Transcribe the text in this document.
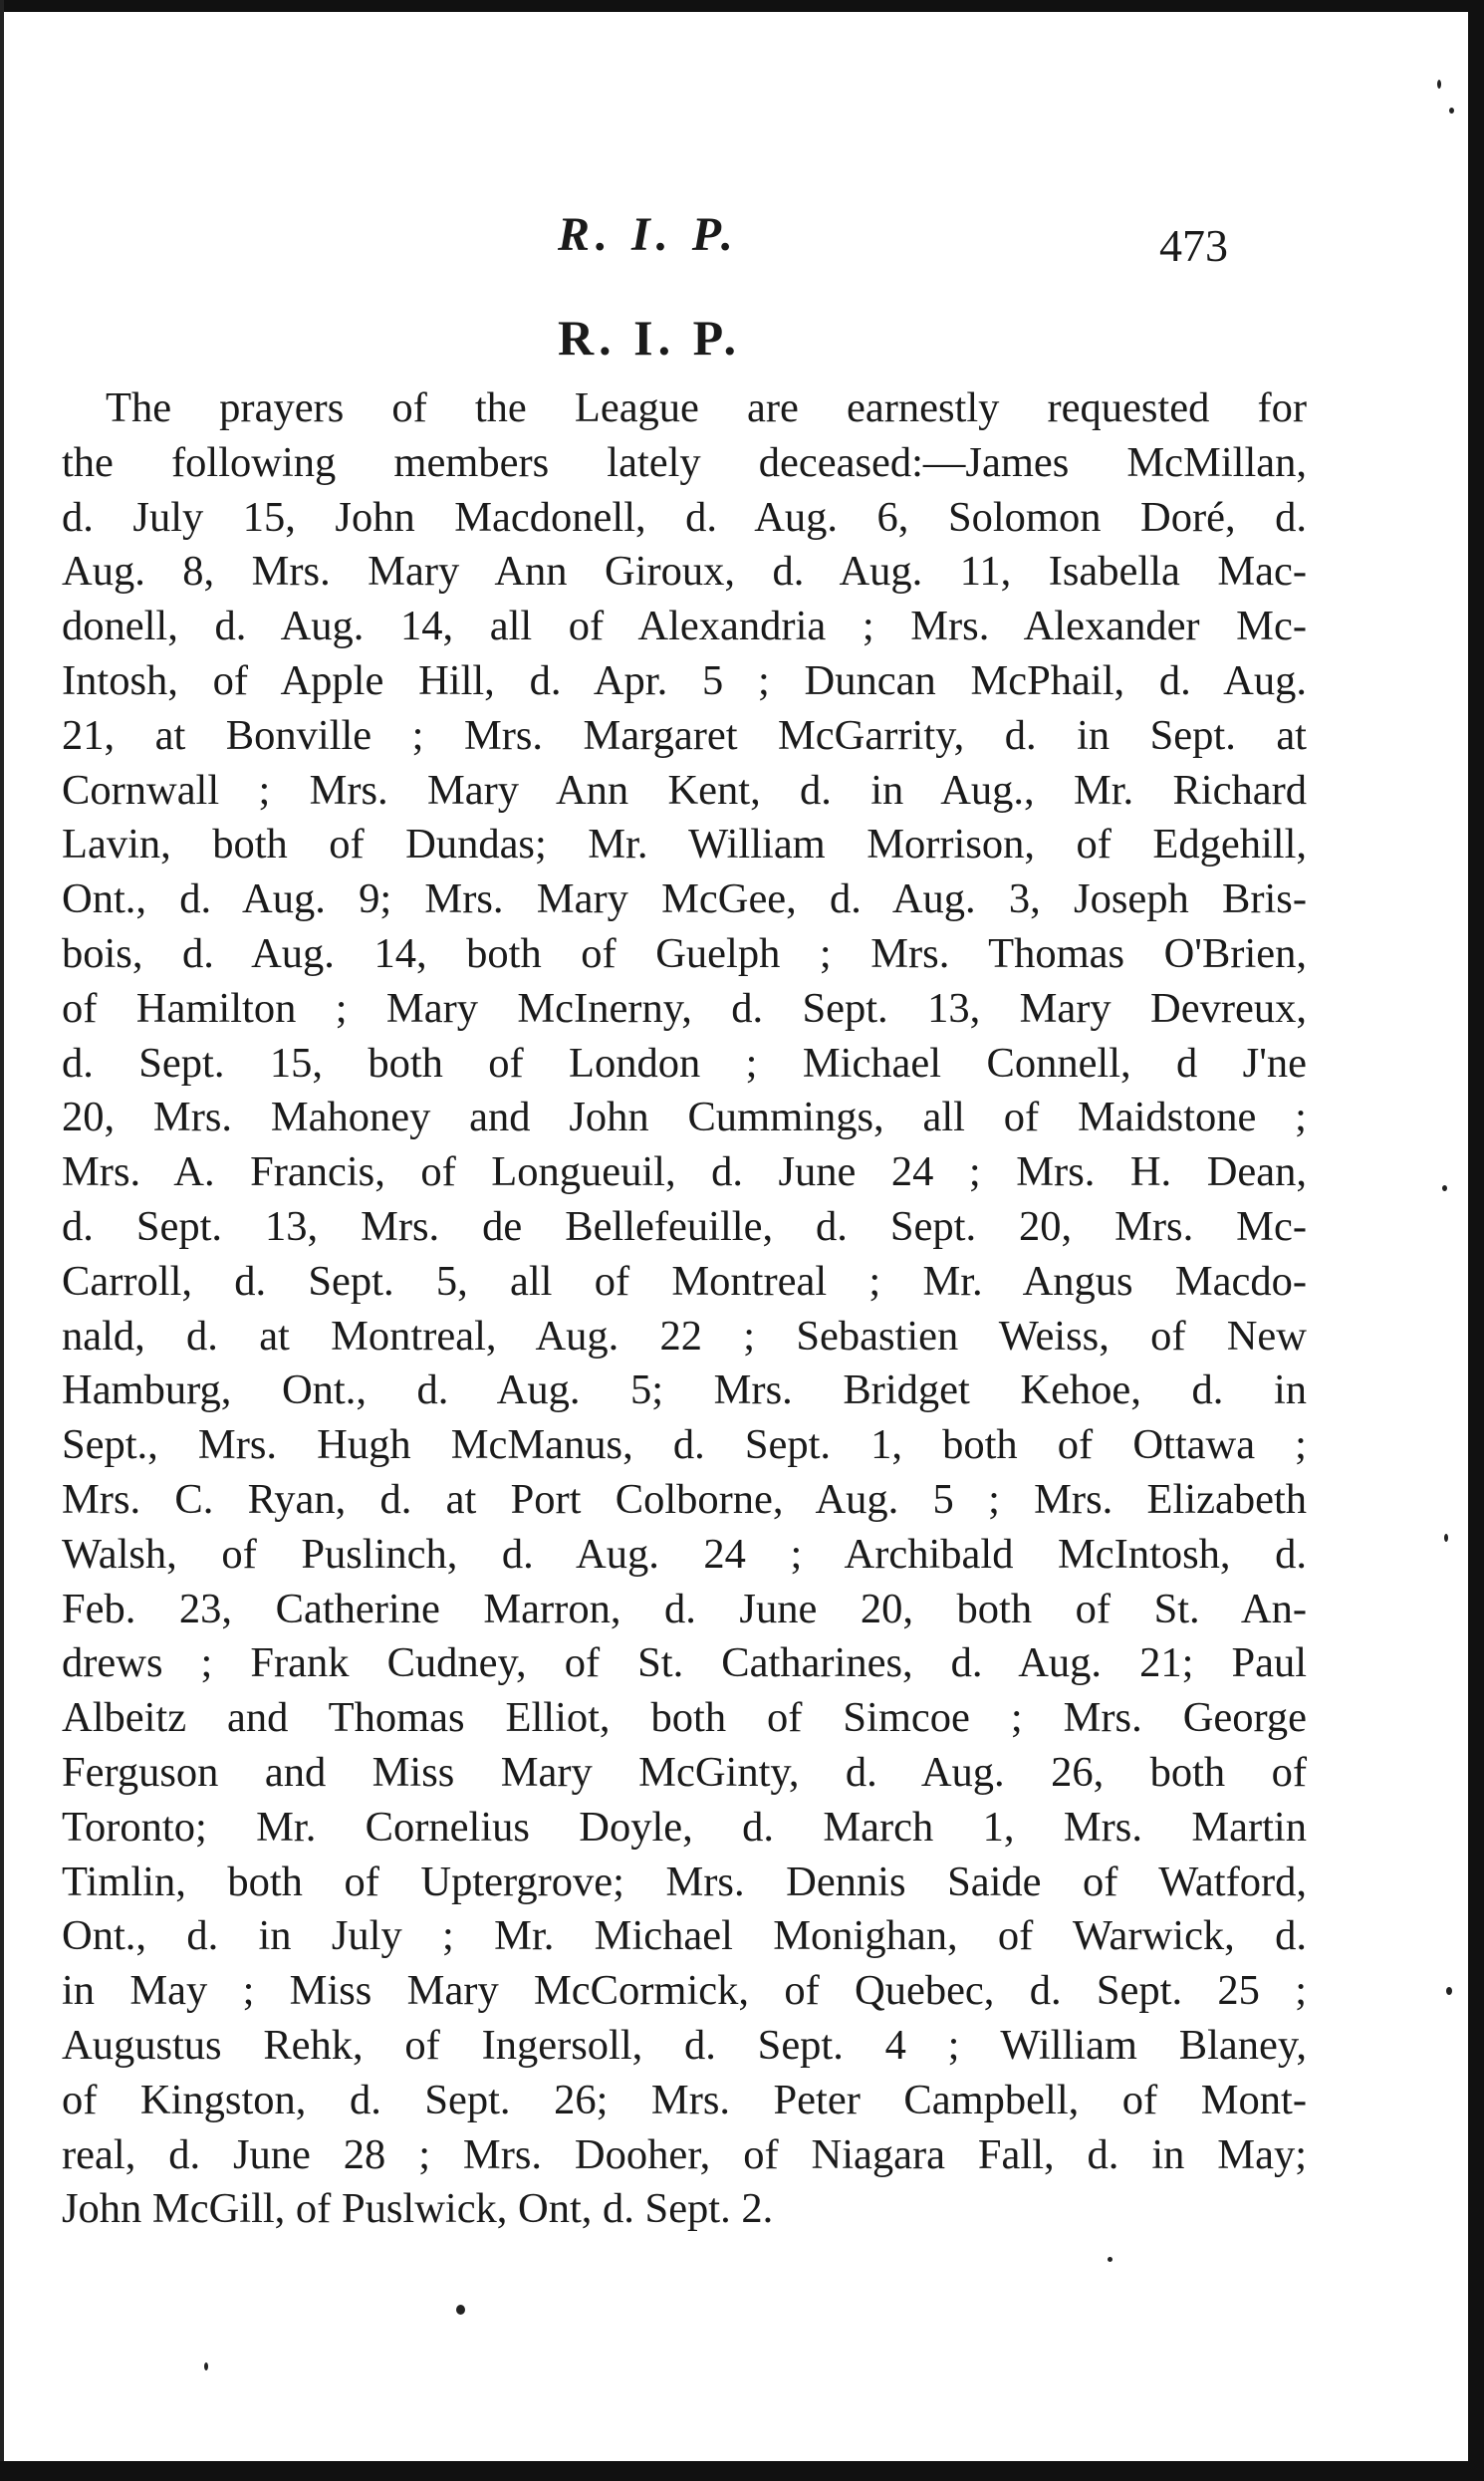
R. I. P.	473
R. I. P.
The prayers of the League are earnestly requested for
the following members lately deceased:—James McMillan,
d. July 15, John Macdonell, d. Aug. 6, Solomon Doré, d.
Aug. 8, Mrs. Mary Ann Giroux, d. Aug. 11, Isabella Mac-
donell, d. Aug. 14, all of Alexandria ; Mrs. Alexander Mc-
Intosh, of Apple Hill, d. Apr. 5 ; Duncan McPhail, d. Aug.
21, at Bonville ; Mrs. Margaret McGarrity, d. in Sept. at
Cornwall ; Mrs. Mary Ann Kent, d. in Aug., Mr. Richard
Lavin, both of Dundas; Mr. William Morrison, of Edgehill,
Ont., d. Aug. 9; Mrs. Mary McGee, d. Aug. 3, Joseph Bris-
bois, d. Aug. 14, both of Guelph ; Mrs. Thomas O'Brien,
of Hamilton ; Mary McInerny, d. Sept. 13, Mary Devreux,
d. Sept. 15, both of London ; Michael Connell, d J'ne
20, Mrs. Mahoney and John Cummings, all of Maidstone ;
Mrs. A. Francis, of Longueuil, d. June 24 ; Mrs. H. Dean,
d. Sept. 13, Mrs. de Bellefeuille, d. Sept. 20, Mrs. Mc-
Carroll, d. Sept. 5, all of Montreal ; Mr. Angus Macdo-
nald, d. at Montreal, Aug. 22 ; Sebastien Weiss, of New
Hamburg, Ont., d. Aug. 5; Mrs. Bridget Kehoe, d. in
Sept., Mrs. Hugh McManus, d. Sept. 1, both of Ottawa ;
Mrs. C. Ryan, d. at Port Colborne, Aug. 5 ; Mrs. Elizabeth
Walsh, of Puslinch, d. Aug. 24 ; Archibald McIntosh, d.
Feb. 23, Catherine Marron, d. June 20, both of St. An-
drews ; Frank Cudney, of St. Catharines, d. Aug. 21; Paul
Albeitz and Thomas Elliot, both of Simcoe ; Mrs. George
Ferguson and Miss Mary McGinty, d. Aug. 26, both of
Toronto; Mr. Cornelius Doyle, d. March 1, Mrs. Martin
Timlin, both of Uptergrove; Mrs. Dennis Saide of Watford,
Ont., d. in July ; Mr. Michael Monighan, of Warwick, d.
in May ; Miss Mary McCormick, of Quebec, d. Sept. 25 ;
Augustus Rehk, of Ingersoll, d. Sept. 4 ; William Blaney,
of Kingston, d. Sept. 26; Mrs. Peter Campbell, of Mont-
real, d. June 28 ; Mrs. Dooher, of Niagara Fall, d. in May;
John McGill, of Puslwick, Ont, d. Sept. 2.
